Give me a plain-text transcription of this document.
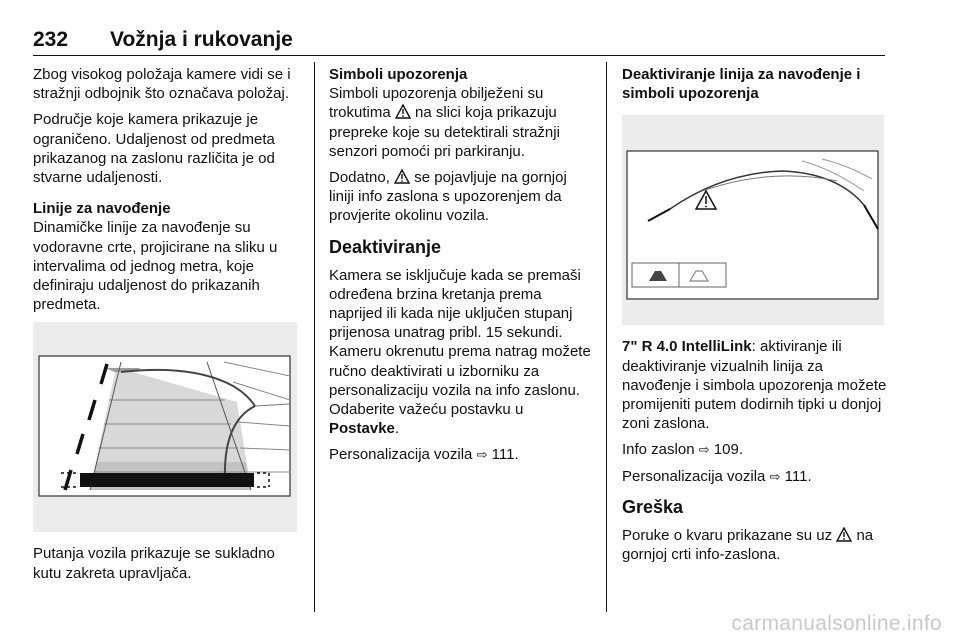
232 Vožnja i rukovanje

Zbog visokog položaja kamere vidi se i stražnji odbojnik što označava položaj.

Područje koje kamera prikazuje je ograničeno. Udaljenost od predmeta prikazanog na zaslonu različita je od stvarne udaljenosti.

Linije za navođenje

Dinamičke linije za navođenje su vodoravne crte, projicirane na sliku u intervalima od jednog metra, koje definiraju udaljenost do prikazanih predmeta.

Putanja vozila prikazuje se sukladno kutu zakreta upravljača.

Simboli upozorenja

Simboli upozorenja obilježeni su trokutima
na slici koja prikazuju prepreke koje su detektirali stražnji senzori pomoći pri parkiranju.

Dodatno,
se pojavljuje na gornjoj liniji info zaslona s upozorenjem da provjerite okolinu vozila.

Deaktiviranje

Kamera se isključuje kada se premaši određena brzina kretanja prema naprijed ili kada nije uključen stupanj prijenosa unatrag pribl. 15 sekundi. Kameru okrenutu prema natrag možete ručno deaktivirati u izborniku za personalizaciju vozila na info zaslonu. Odaberite važeću postavku u Postavke.

Personalizacija vozila ⇨ 111.

Deaktiviranje linija za navođenje i simboli upozorenja

7" R 4.0 IntelliLink: aktiviranje ili deaktiviranje vizualnih linija za navođenje i simbola upozorenja možete promijeniti putem dodirnih tipki u donjoj zoni zaslona.

Info zaslon ⇨ 109.

Personalizacija vozila ⇨ 111.

Greška

Poruke o kvaru prikazane su uz
na gornjoj crti info-zaslona.

carmanualsonline.info
